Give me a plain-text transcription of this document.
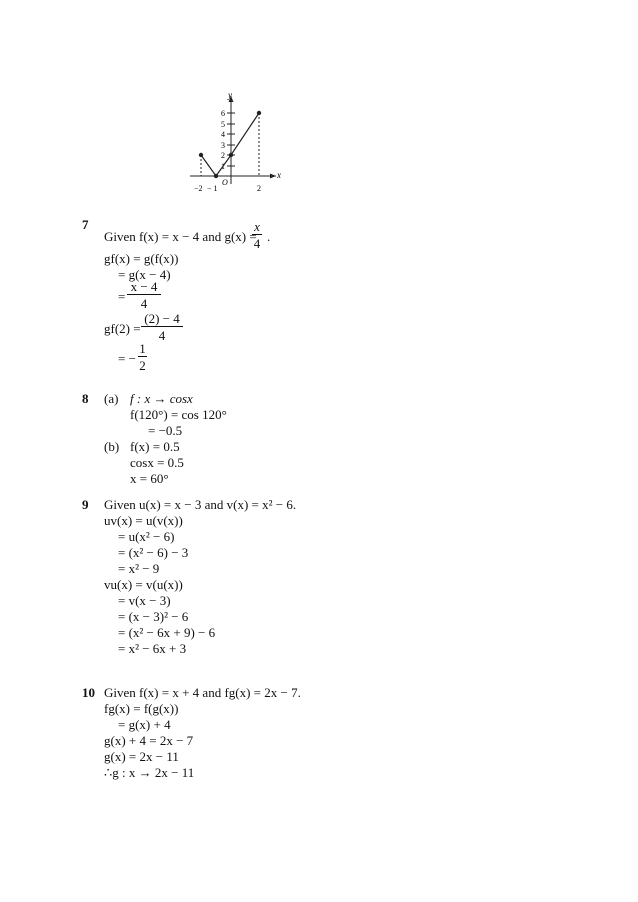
6
5
4
3
2
1
y
x
O
−2 − 1	2
7
Given f(x) = x − 4 and g(x) =
$\frac{x}{4}$ .
gf(x) = g(f(x))
= g(x − 4)
= $\frac{x - 4}{4}$
$gf(2) = \frac{(2) - 4}{4}$
= − $\frac{1}{2}$
8 (a) f : x → cosx
f(120°) = cos 120°
= −0.5
(b) f(x) = 0.5
cosx = 0.5
x = 60°
9 Given u(x) = x − 3 and v(x) = x² − 6.
uv(x) = u(v(x))
= u(x² − 6)
= (x² − 6) − 3
= x² − 9
vu(x) = v(u(x))
= v(x − 3)
= (x − 3)² − 6
= (x² − 6x + 9) − 6
= x² − 6x + 3
10 Given f(x) = x + 4 and fg(x) = 2x − 7.
fg(x) = f(g(x))
= g(x) + 4
g(x) + 4 = 2x − 7
g(x) = 2x − 11
∴g : x → 2x − 11
